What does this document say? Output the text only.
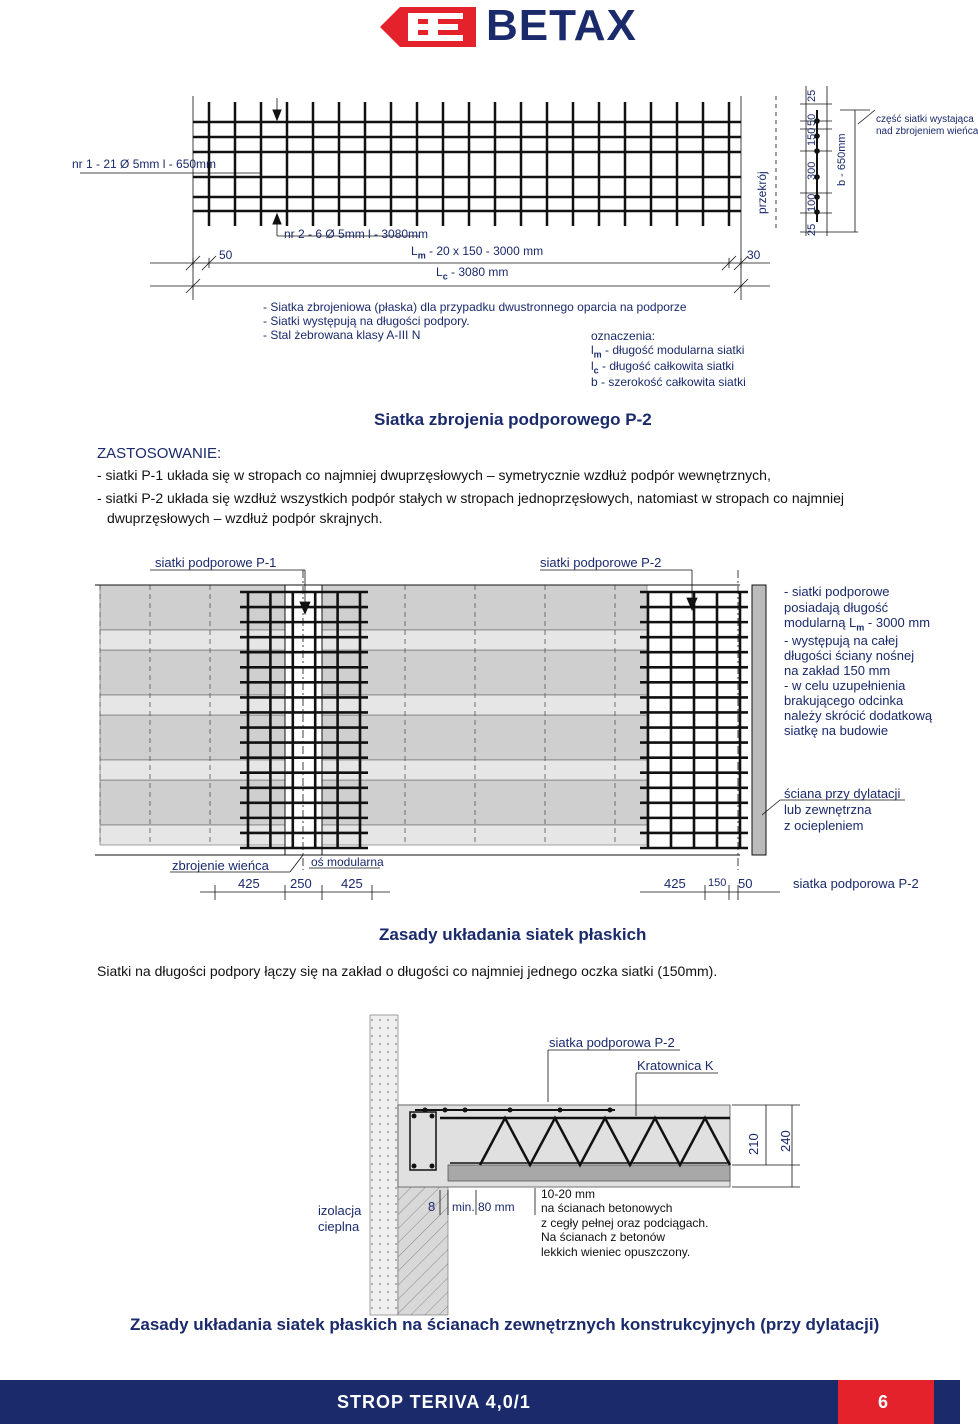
BETAX
nr 1 - 21 Ø 5mm l - 650mm
nr 2 - 6 Ø 5mm l - 3080mm
50	$L_m - 20$ x 150 - 3000 mm	30
$L_c - 3080$ mm
przekrój
25
100
300
150
50
25
b - 650mm
część siatki wystająca
nad zbrojeniem wieńca
- Siatka zbrojeniowa (płaska) dla przypadku dwustronnego oparcia na podporze
- Siatki występują na długości podpory.
- Stal żebrowana klasy A-III N	oznaczenia:
$l_m$ - długość modularna siatki
$l_c$ - długość całkowita siatki
b - szerokość całkowita siatki
Siatka zbrojenia podporowego P-2
ZASTOSOWANIE:
- siatki P-1 układa się w stropach co najmniej dwuprzęsłowych – symetrycznie wzdłuż podpór wewnętrznych,
- siatki P-2 układa się wzdłuż wszystkich podpór stałych w stropach jednoprzęsłowych, natomiast w stropach co najmniej
dwuprzęsłowych – wzdłuż podpór skrajnych.
siatki podporowe P-1	siatki podporowe P-2
- siatki podporowe
posiadają długość
modularną $L_m - 3000$ mm
- występują na całej
długości ściany nośnej
na zakład 150 mm
- w celu uzupełnienia
brakującego odcinka
należy skrócić dodatkową
siatkę na budowie
ściana przy dylatacji
lub zewnętrzna
z ociepleniem
zbrojenie wieńca	oś modularna
425 250 425	425 150 50	siatka podporowa P-2
Zasady układania siatek płaskich
Siatki na długości podpory łączy się na zakład o długości co najmniej jednego oczka siatki (150mm).
siatka podporowa P-2
Kratownica K
210 240
izolacja
cieplna
8 min. 80 mm
10-20 mm
na ścianach betonowych
z cegły pełnej oraz podciągach.
Na ścianach z betonów
lekkich wieniec opuszczony.
Zasady układania siatek płaskich na ścianach zewnętrznych konstrukcyjnych (przy dylatacji)
STROP TERIVA 4,0/1	6
